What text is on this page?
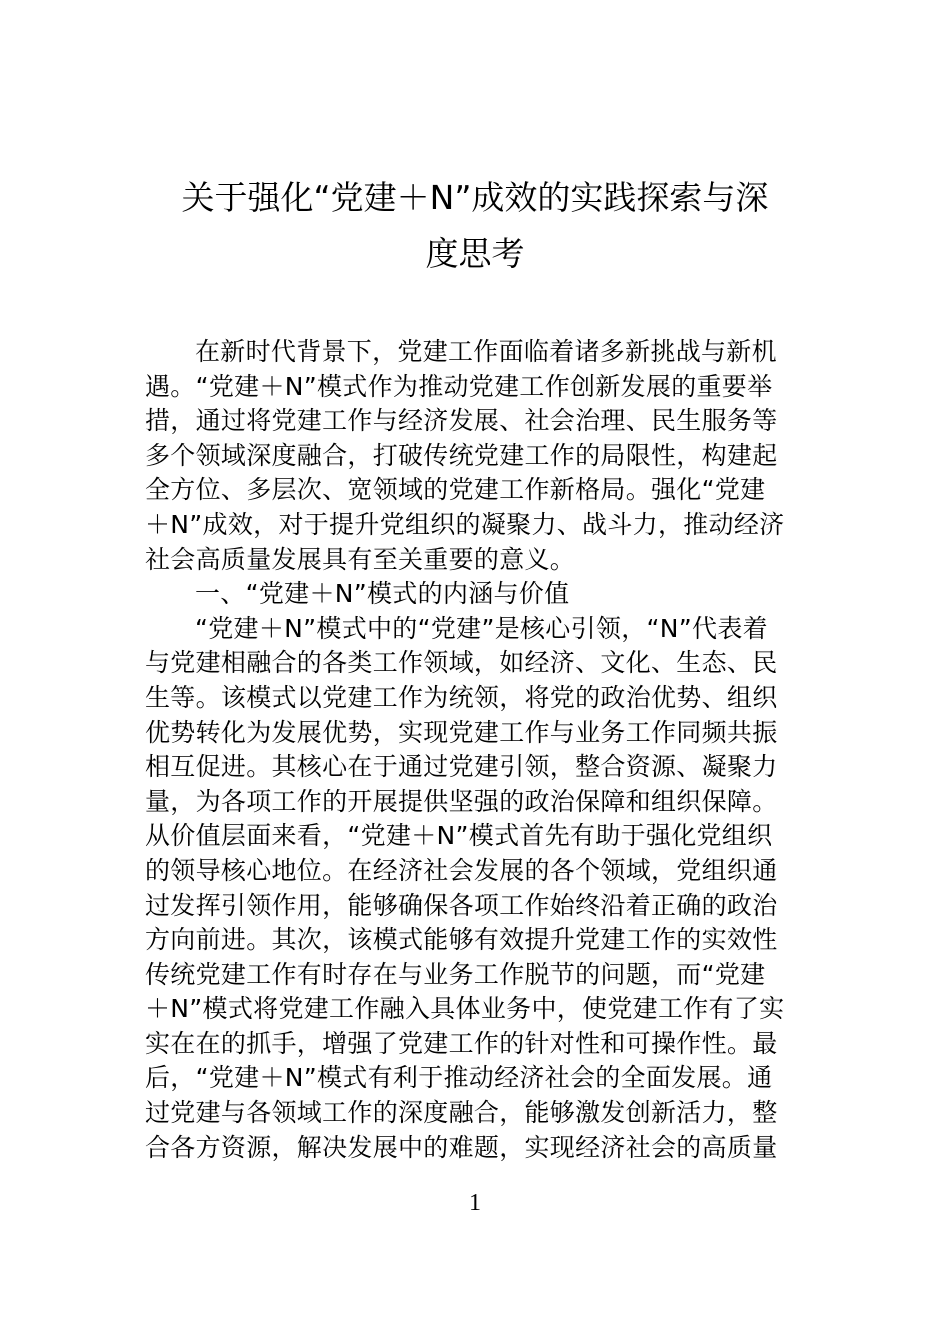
关于强化“党建＋N”成效的实践探索与深
度思考
在新时代背景下，党建工作面临着诸多新挑战与新机
遇。“党建＋N”模式作为推动党建工作创新发展的重要举
措，通过将党建工作与经济发展、社会治理、民生服务等
多个领域深度融合，打破传统党建工作的局限性，构建起
全方位、多层次、宽领域的党建工作新格局。强化“党建
＋N”成效，对于提升党组织的凝聚力、战斗力，推动经济
社会高质量发展具有至关重要的意义。
一、“党建＋N”模式的内涵与价值
“党建＋N”模式中的“党建”是核心引领，“N”代表着
与党建相融合的各类工作领域，如经济、文化、生态、民
生等。该模式以党建工作为统领，将党的政治优势、组织
优势转化为发展优势，实现党建工作与业务工作同频共振
相互促进。其核心在于通过党建引领，整合资源、凝聚力
量，为各项工作的开展提供坚强的政治保障和组织保障。
从价值层面来看，“党建＋N”模式首先有助于强化党组织
的领导核心地位。在经济社会发展的各个领域，党组织通
过发挥引领作用，能够确保各项工作始终沿着正确的政治
方向前进。其次，该模式能够有效提升党建工作的实效性
传统党建工作有时存在与业务工作脱节的问题，而“党建
＋N”模式将党建工作融入具体业务中，使党建工作有了实
实在在的抓手，增强了党建工作的针对性和可操作性。最
后，“党建＋N”模式有利于推动经济社会的全面发展。通
过党建与各领域工作的深度融合，能够激发创新活力，整
合各方资源，解决发展中的难题，实现经济社会的高质量
1
